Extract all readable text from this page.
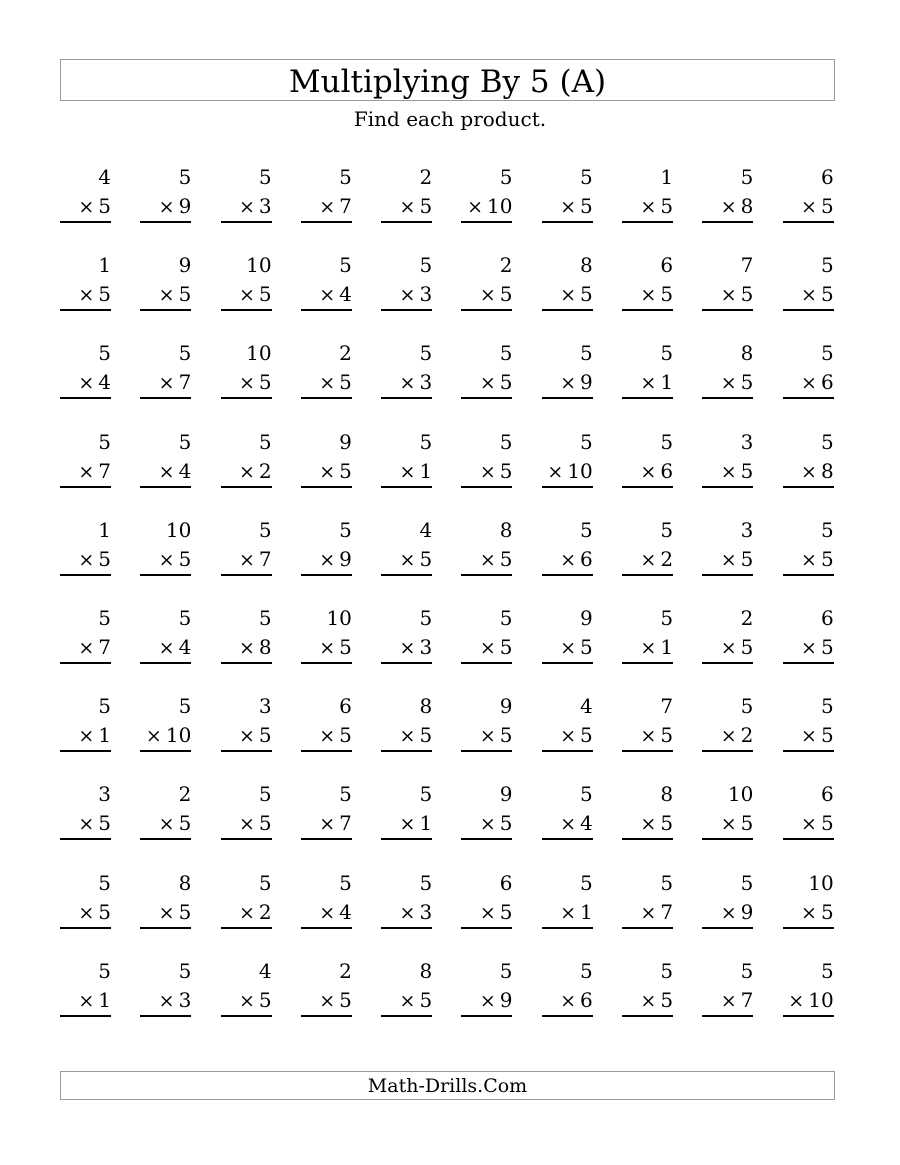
Multiplying By 5 (A)
Find each product.
4
× 5
5
× 9
5
× 3
5
× 7
2
× 5
5
× 10
5
× 5
1
× 5
5
× 8
6
× 5
1
× 5
9
× 5
10
× 5
5
× 4
5
× 3
2
× 5
8
× 5
6
× 5
7
× 5
5
× 5
5
× 4
5
× 7
10
× 5
2
× 5
5
× 3
5
× 5
5
× 9
5
× 1
8
× 5
5
× 6
5
× 7
5
× 4
5
× 2
9
× 5
5
× 1
5
× 5
5
× 10
5
× 6
3
× 5
5
× 8
1
× 5
10
× 5
5
× 7
5
× 9
4
× 5
8
× 5
5
× 6
5
× 2
3
× 5
5
× 5
5
× 7
5
× 4
5
× 8
10
× 5
5
× 3
5
× 5
9
× 5
5
× 1
2
× 5
6
× 5
5
× 1
5
× 10
3
× 5
6
× 5
8
× 5
9
× 5
4
× 5
7
× 5
5
× 2
5
× 5
3
× 5
2
× 5
5
× 5
5
× 7
5
× 1
9
× 5
5
× 4
8
× 5
10
× 5
6
× 5
5
× 5
8
× 5
5
× 2
5
× 4
5
× 3
6
× 5
5
× 1
5
× 7
5
× 9
10
× 5
5
× 1
5
× 3
4
× 5
2
× 5
8
× 5
5
× 9
5
× 6
5
× 5
5
× 7
5
× 10
Math-Drills.Com
